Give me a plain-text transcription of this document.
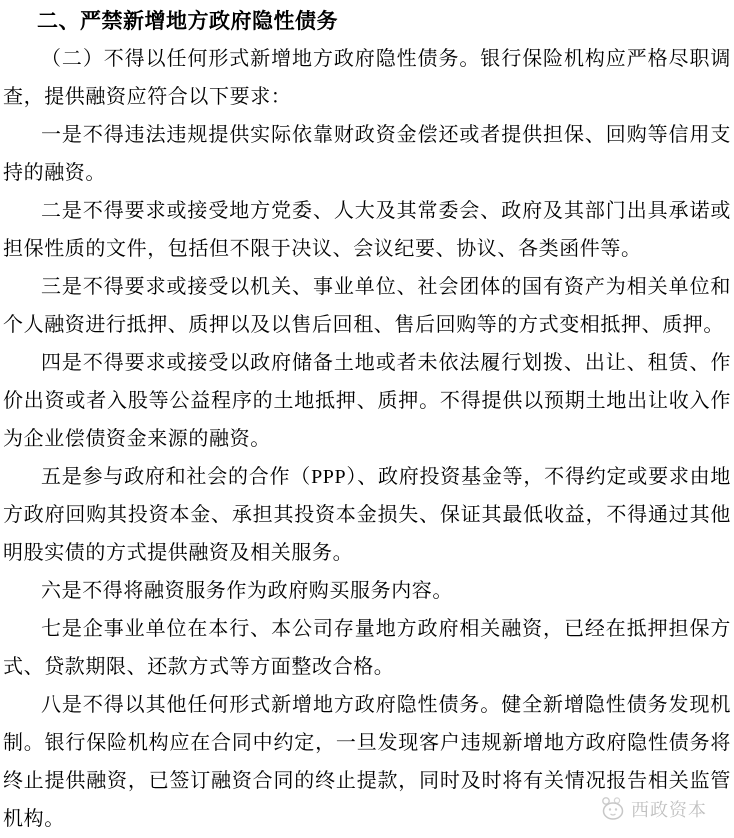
二、严禁新增地方政府隐性债务

（二）不得以任何形式新增地方政府隐性债务。银行保险机构应严格尽职调查，提供融资应符合以下要求：

一是不得违法违规提供实际依靠财政资金偿还或者提供担保、回购等信用支持的融资。

二是不得要求或接受地方党委、人大及其常委会、政府及其部门出具承诺或担保性质的文件，包括但不限于决议、会议纪要、协议、各类函件等。

三是不得要求或接受以机关、事业单位、社会团体的国有资产为相关单位和个人融资进行抵押、质押以及以售后回租、售后回购等的方式变相抵押、质押。

四是不得要求或接受以政府储备土地或者未依法履行划拨、出让、租赁、作价出资或者入股等公益程序的土地抵押、质押。不得提供以预期土地出让收入作为企业偿债资金来源的融资。

五是参与政府和社会的合作（PPP）、政府投资基金等，不得约定或要求由地方政府回购其投资本金、承担其投资本金损失、保证其最低收益，不得通过其他明股实债的方式提供融资及相关服务。

六是不得将融资服务作为政府购买服务内容。

七是企事业单位在本行、本公司存量地方政府相关融资，已经在抵押担保方式、贷款期限、还款方式等方面整改合格。

八是不得以其他任何形式新增地方政府隐性债务。健全新增隐性债务发现机制。银行保险机构应在合同中约定，一旦发现客户违规新增地方政府隐性债务将终止提供融资，已签订融资合同的终止提款，同时及时将有关情况报告相关监管机构。	西政资本
